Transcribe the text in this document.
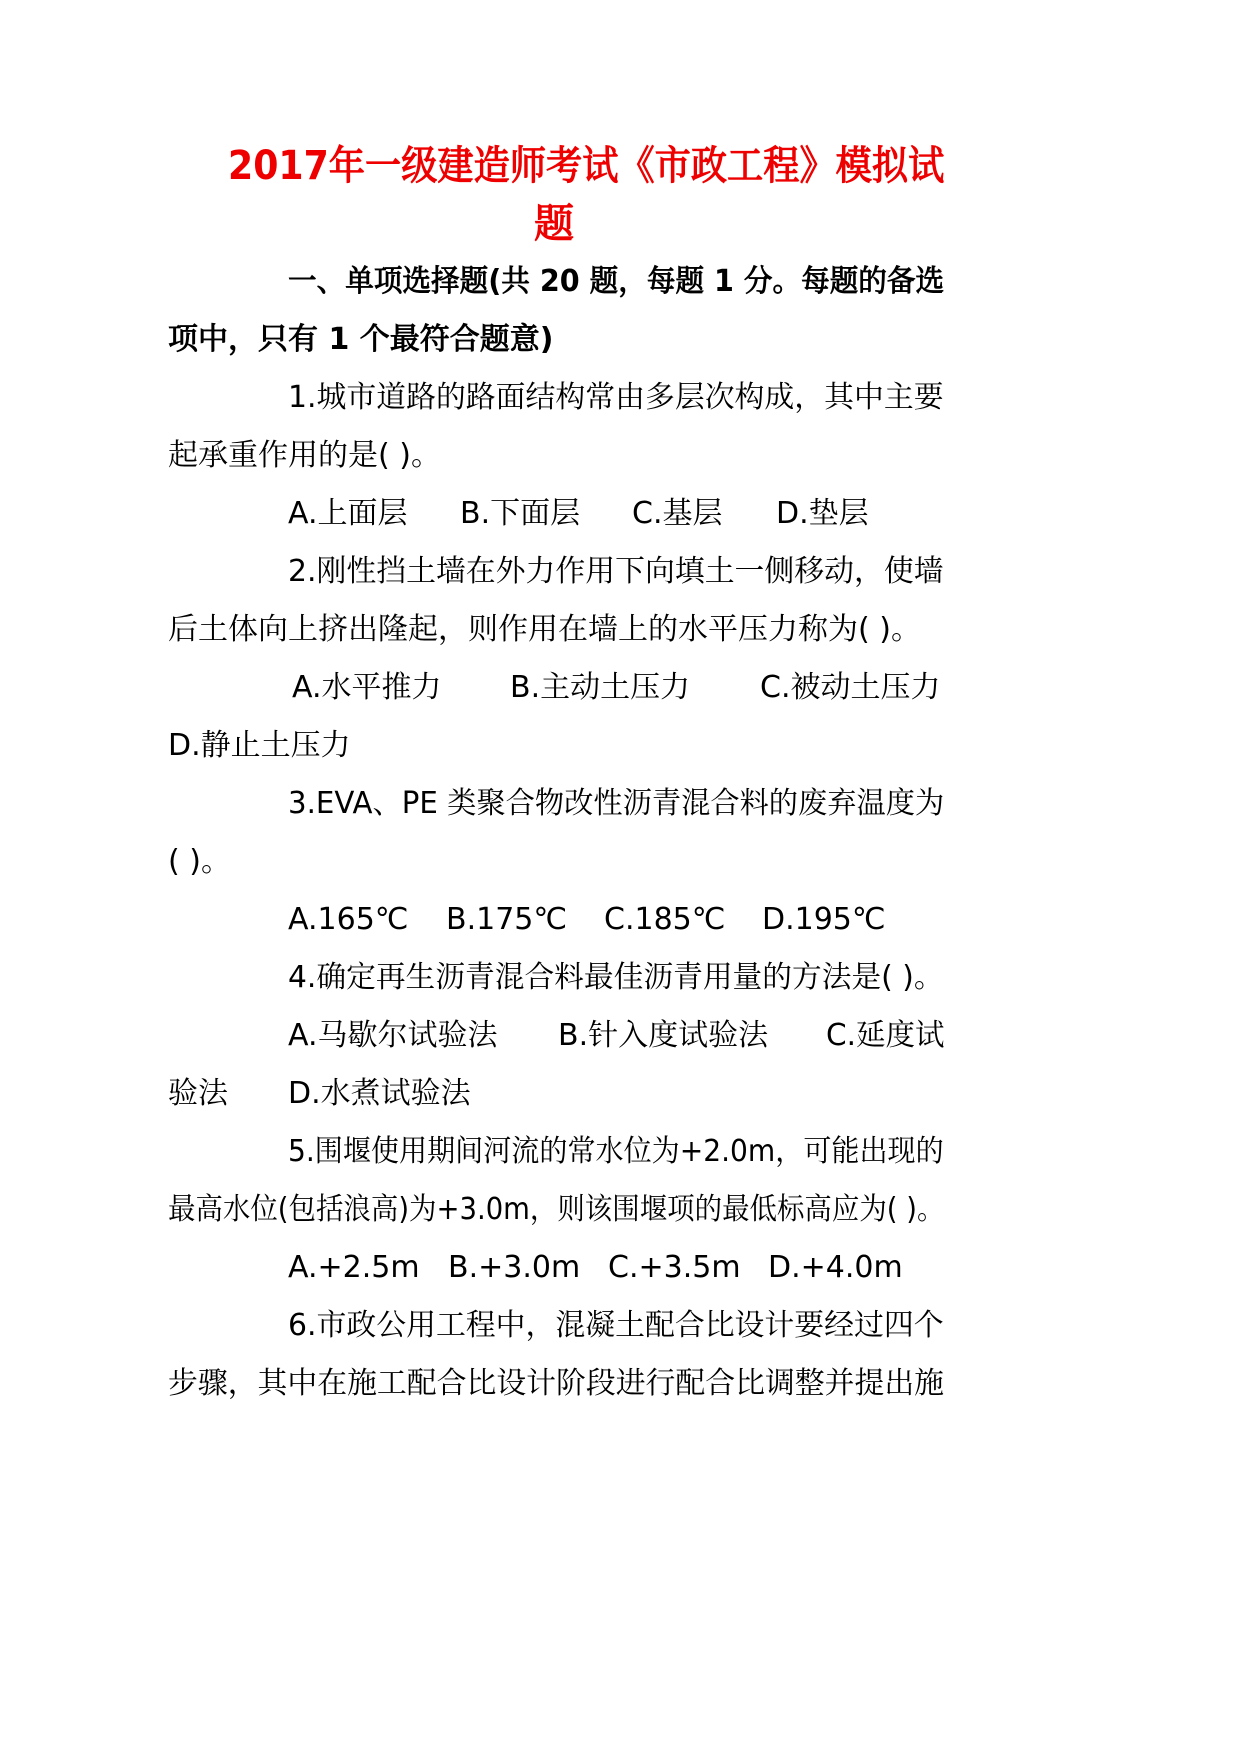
2017年一级建造师考试《市政工程》模拟试
题
一、单项选择题(共 20 题，每题 1 分。每题的备选
项中，只有 1 个最符合题意)
1.城市道路的路面结构常由多层次构成，其中主要
起承重作用的是( )。
A.上面层 B.下面层 C.基层 D.垫层
2.刚性挡土墙在外力作用下向填土一侧移动，使墙
后土体向上挤出隆起，则作用在墙上的水平压力称为( )。
A.水平推力 B.主动土压力 C.被动土压力
D.静止土压力
3.EVA、PE 类聚合物改性沥青混合料的废弃温度为
( )。
A.165℃ B.175℃ C.185℃ D.195℃
4.确定再生沥青混合料最佳沥青用量的方法是( )。
A.马歇尔试验法 B.针入度试验法 C.延度试
验法 D.水煮试验法
5.围堰使用期间河流的常水位为+2.0m，可能出现的
最高水位(包括浪高)为+3.0m，则该围堰项的最低标高应为( )。
A.+2.5m B.+3.0m C.+3.5m D.+4.0m
6.市政公用工程中，混凝土配合比设计要经过四个
步骤，其中在施工配合比设计阶段进行配合比调整并提出施
